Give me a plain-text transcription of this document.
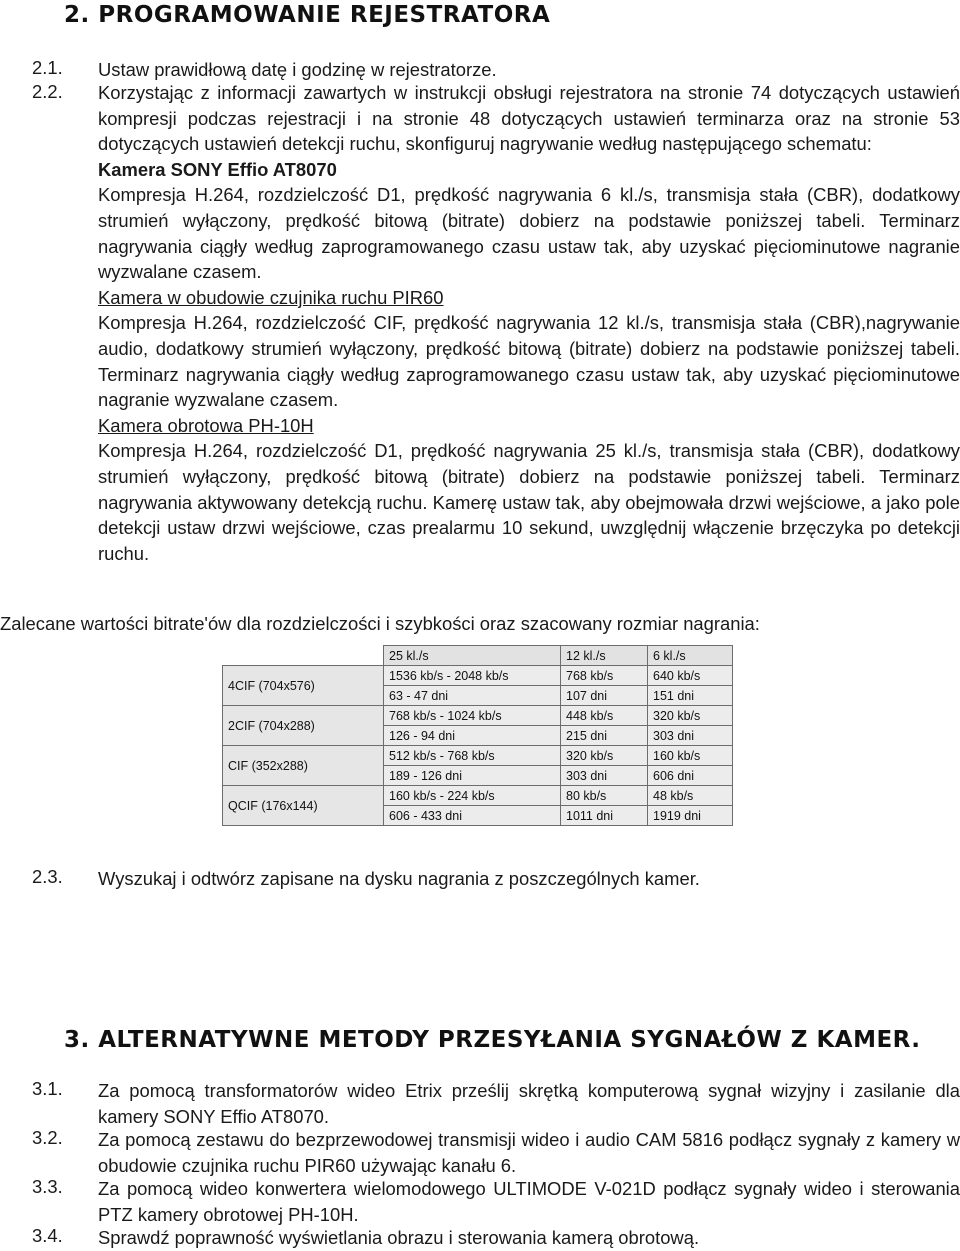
2. PROGRAMOWANIE REJESTRATORA
2.1. Ustaw prawidłową datę i godzinę w rejestratorze.
2.2. Korzystając z informacji zawartych w instrukcji obsługi rejestratora na stronie 74 dotyczących ustawień kompresji podczas rejestracji i na stronie 48 dotyczących ustawień terminarza oraz na stronie 53 dotyczących ustawień detekcji ruchu, skonfiguruj nagrywanie według następującego schematu:
Kamera SONY Effio AT8070
Kompresja H.264, rozdzielczość D1, prędkość nagrywania 6 kl./s, transmisja stała (CBR), dodatkowy strumień wyłączony, prędkość bitową (bitrate) dobierz na podstawie poniższej tabeli. Terminarz nagrywania ciągły według zaprogramowanego czasu ustaw tak, aby uzyskać pięciominutowe nagranie wyzwalane czasem.
Kamera w obudowie czujnika ruchu PIR60
Kompresja H.264, rozdzielczość CIF, prędkość nagrywania 12 kl./s, transmisja stała (CBR),nagrywanie audio, dodatkowy strumień wyłączony, prędkość bitową (bitrate) dobierz na podstawie poniższej tabeli. Terminarz nagrywania ciągły według zaprogramowanego czasu ustaw tak, aby uzyskać pięciominutowe nagranie wyzwalane czasem.
Kamera obrotowa PH-10H
Kompresja H.264, rozdzielczość D1, prędkość nagrywania 25 kl./s, transmisja stała (CBR), dodatkowy strumień wyłączony, prędkość bitową (bitrate) dobierz na podstawie poniższej tabeli. Terminarz nagrywania aktywowany detekcją ruchu. Kamerę ustaw tak, aby obejmowała drzwi wejściowe, a jako pole detekcji ustaw drzwi wejściowe, czas prealarmu 10 sekund, uwzględnij włączenie brzęczyka po detekcji ruchu.
Zalecane wartości bitrate'ów dla rozdzielczości i szybkości oraz szacowany rozmiar nagrania:
	25 kl./s	12 kl./s	6 kl./s
4CIF (704x576)	1536 kb/s - 2048 kb/s	768 kb/s	640 kb/s
	63 - 47 dni	107 dni	151 dni
2CIF (704x288)	768 kb/s - 1024 kb/s	448 kb/s	320 kb/s
	126 - 94 dni	215 dni	303 dni
CIF (352x288)	512 kb/s - 768 kb/s	320 kb/s	160 kb/s
	189 - 126 dni	303 dni	606 dni
QCIF (176x144)	160 kb/s - 224 kb/s	80 kb/s	48 kb/s
	606 - 433 dni	1011 dni	1919 dni
2.3. Wyszukaj i odtwórz zapisane na dysku nagrania z poszczególnych kamer.
3. ALTERNATYWNE METODY PRZESYŁANIA SYGNAŁÓW Z KAMER.
3.1. Za pomocą transformatorów wideo Etrix prześlij skrętką komputerową sygnał wizyjny i zasilanie dla kamery SONY Effio AT8070.
3.2. Za pomocą zestawu do bezprzewodowej transmisji wideo i audio CAM 5816 podłącz sygnały z kamery w obudowie czujnika ruchu PIR60 używając kanału 6.
3.3. Za pomocą wideo konwertera wielomodowego ULTIMODE V-021D podłącz sygnały wideo i sterowania PTZ kamery obrotowej PH-10H.
3.4. Sprawdź poprawność wyświetlania obrazu i sterowania kamerą obrotową.
